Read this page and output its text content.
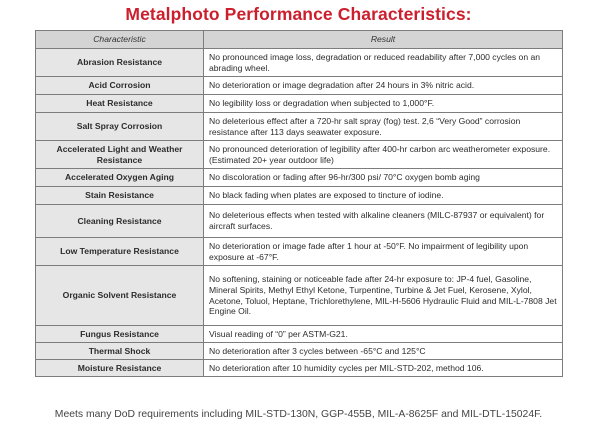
Metalphoto Performance Characteristics:
Characteristic	Result
Abrasion Resistance	No pronounced image loss, degradation or reduced readability after 7,000 cycles on an abrading wheel.
Acid Corrosion	No deterioration or image degradation after 24 hours in 3% nitric acid.
Heat Resistance	No legibility loss or degradation when subjected to 1,000°F.
Salt Spray Corrosion	No deleterious effect after a 720-hr salt spray (fog) test. 2,6 “Very Good” corrosion resistance after 113 days seawater exposure.
Accelerated Light and Weather Resistance	No pronounced deterioration of legibility after 400-hr carbon arc weatherometer exposure. (Estimated 20+ year outdoor life)
Accelerated Oxygen Aging	No discoloration or fading after 96-hr/300 psi/ 70°C oxygen bomb aging
Stain Resistance	No black fading when plates are exposed to tincture of iodine.
Cleaning Resistance	No deleterious effects when tested with alkaline cleaners (MILC-87937 or equivalent) for aircraft surfaces.
Low Temperature Resistance	No deterioration or image fade after 1 hour at -50°F. No impairment of legibility upon exposure at -67°F.
Organic Solvent Resistance	No softening, staining or noticeable fade after 24-hr exposure to: JP-4 fuel, Gasoline, Mineral Spirits, Methyl Ethyl Ketone, Turpentine, Turbine & Jet Fuel, Kerosene, Xylol, Acetone, Toluol, Heptane, Trichlorethylene, MIL-H-5606 Hydraulic Fluid and MIL-L-7808 Jet Engine Oil.
Fungus Resistance	Visual reading of “0” per ASTM-G21.
Thermal Shock	No deterioration after 3 cycles between -65°C and 125°C
Moisture Resistance	No deterioration after 10 humidity cycles per MIL-STD-202, method 106.
Meets many DoD requirements including MIL-STD-130N, GGP-455B, MIL-A-8625F and MIL-DTL-15024F.
